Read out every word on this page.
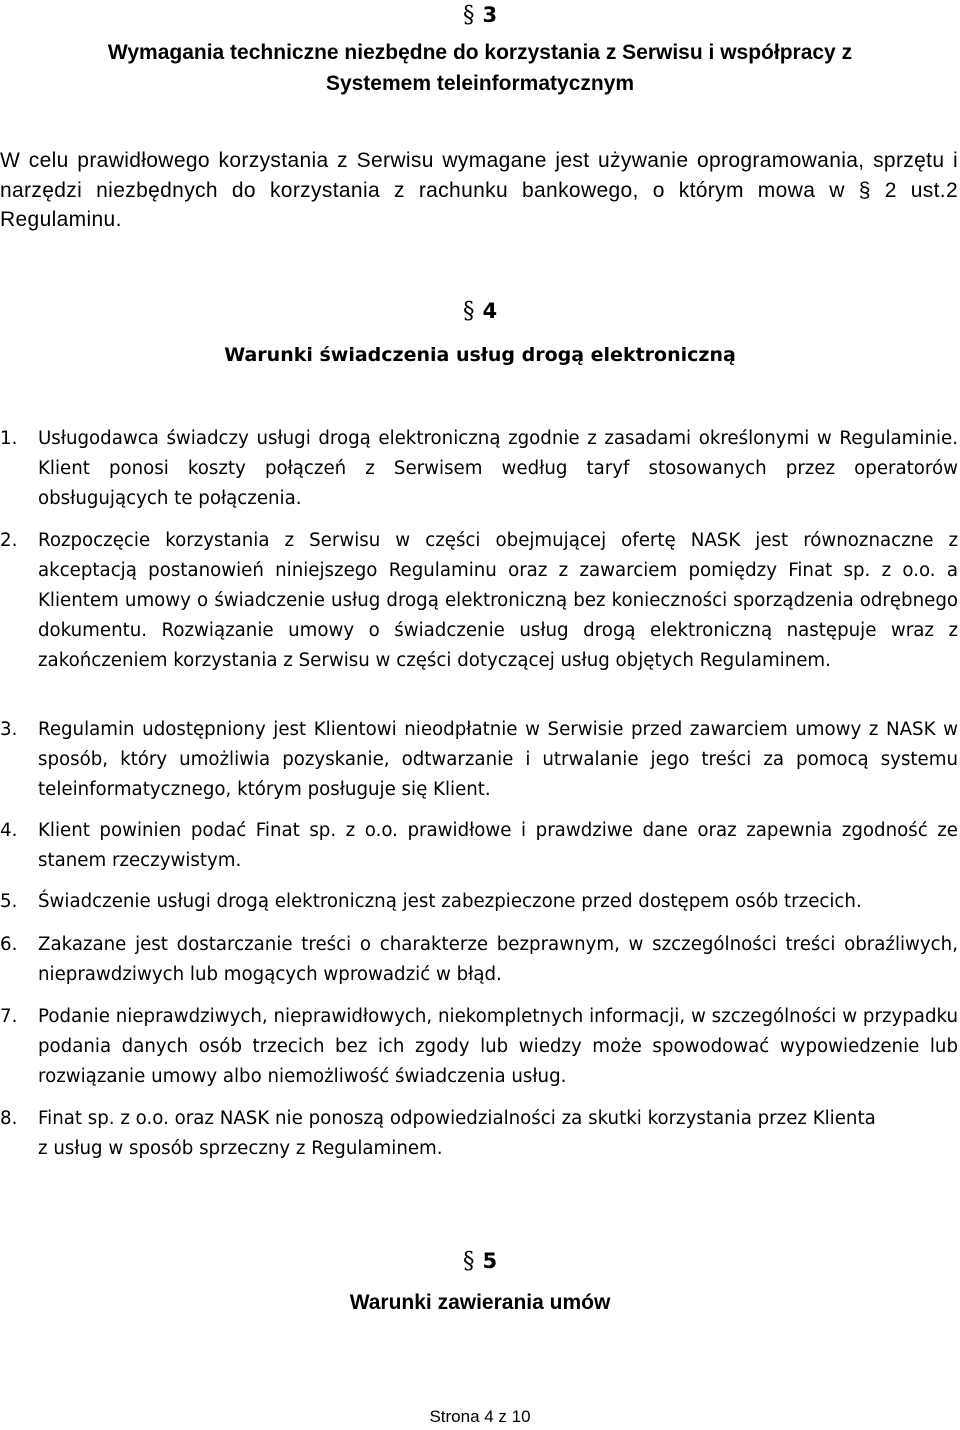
§ 3
Wymagania techniczne niezbędne do korzystania z Serwisu i współpracy z
Systemem teleinformatycznym
W celu prawidłowego korzystania z Serwisu wymagane jest używanie oprogramowania, sprzętu i narzędzi niezbędnych do korzystania z rachunku bankowego, o którym mowa w § 2 ust.2 Regulaminu.
§ 4
Warunki świadczenia usług drogą elektroniczną
1.	Usługodawca świadczy usługi drogą elektroniczną zgodnie z zasadami określonymi w Regulaminie. Klient ponosi koszty połączeń z Serwisem według taryf stosowanych przez operatorów obsługujących te połączenia.
2.	Rozpoczęcie korzystania z Serwisu w części obejmującej ofertę NASK jest równoznaczne z akceptacją postanowień niniejszego Regulaminu oraz z zawarciem pomiędzy Finat sp. z o.o. a Klientem umowy o świadczenie usług drogą elektroniczną bez konieczności sporządzenia odrębnego dokumentu. Rozwiązanie umowy o świadczenie usług drogą elektroniczną następuje wraz z zakończeniem korzystania z Serwisu w części dotyczącej usług objętych Regulaminem.
3.	Regulamin udostępniony jest Klientowi nieodpłatnie w Serwisie przed zawarciem umowy z NASK w sposób, który umożliwia pozyskanie, odtwarzanie i utrwalanie jego treści za pomocą systemu teleinformatycznego, którym posługuje się Klient.
4.	Klient powinien podać Finat sp. z o.o. prawidłowe i prawdziwe dane oraz zapewnia zgodność ze stanem rzeczywistym.
5.	Świadczenie usługi drogą elektroniczną jest zabezpieczone przed dostępem osób trzecich.
6.	Zakazane jest dostarczanie treści o charakterze bezprawnym, w szczególności treści obraźliwych, nieprawdziwych lub mogących wprowadzić w błąd.
7.	Podanie nieprawdziwych, nieprawidłowych, niekompletnych informacji, w szczególności w przypadku podania danych osób trzecich bez ich zgody lub wiedzy może spowodować wypowiedzenie lub rozwiązanie umowy albo niemożliwość świadczenia usług.
8.	Finat sp. z o.o. oraz NASK nie ponoszą odpowiedzialności za skutki korzystania przez Klienta
z usług w sposób sprzeczny z Regulaminem.
§ 5
Warunki zawierania umów
Strona 4 z 10
